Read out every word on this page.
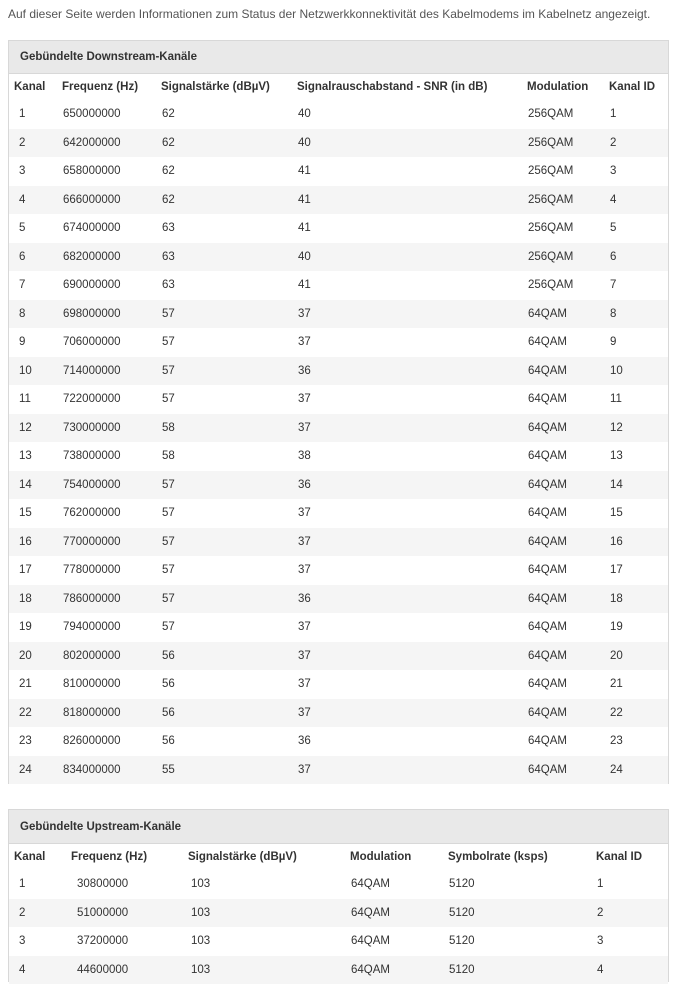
Auf dieser Seite werden Informationen zum Status der Netzwerkkonnektivität des Kabelmodems im Kabelnetz angezeigt.
Gebündelte Downstream-Kanäle
Kanal	Frequenz (Hz)	Signalstärke (dBµV)	Signalrauschabstand - SNR (in dB)	Modulation	Kanal ID
1	650000000	62	40	256QAM	1
2	642000000	62	40	256QAM	2
3	658000000	62	41	256QAM	3
4	666000000	62	41	256QAM	4
5	674000000	63	41	256QAM	5
6	682000000	63	40	256QAM	6
7	690000000	63	41	256QAM	7
8	698000000	57	37	64QAM	8
9	706000000	57	37	64QAM	9
10	714000000	57	36	64QAM	10
11	722000000	57	37	64QAM	11
12	730000000	58	37	64QAM	12
13	738000000	58	38	64QAM	13
14	754000000	57	36	64QAM	14
15	762000000	57	37	64QAM	15
16	770000000	57	37	64QAM	16
17	778000000	57	37	64QAM	17
18	786000000	57	36	64QAM	18
19	794000000	57	37	64QAM	19
20	802000000	56	37	64QAM	20
21	810000000	56	37	64QAM	21
22	818000000	56	37	64QAM	22
23	826000000	56	36	64QAM	23
24	834000000	55	37	64QAM	24
Gebündelte Upstream-Kanäle
Kanal	Frequenz (Hz)	Signalstärke (dBµV)	Modulation	Symbolrate (ksps)	Kanal ID
1	30800000	103	64QAM	5120	1
2	51000000	103	64QAM	5120	2
3	37200000	103	64QAM	5120	3
4	44600000	103	64QAM	5120	4
